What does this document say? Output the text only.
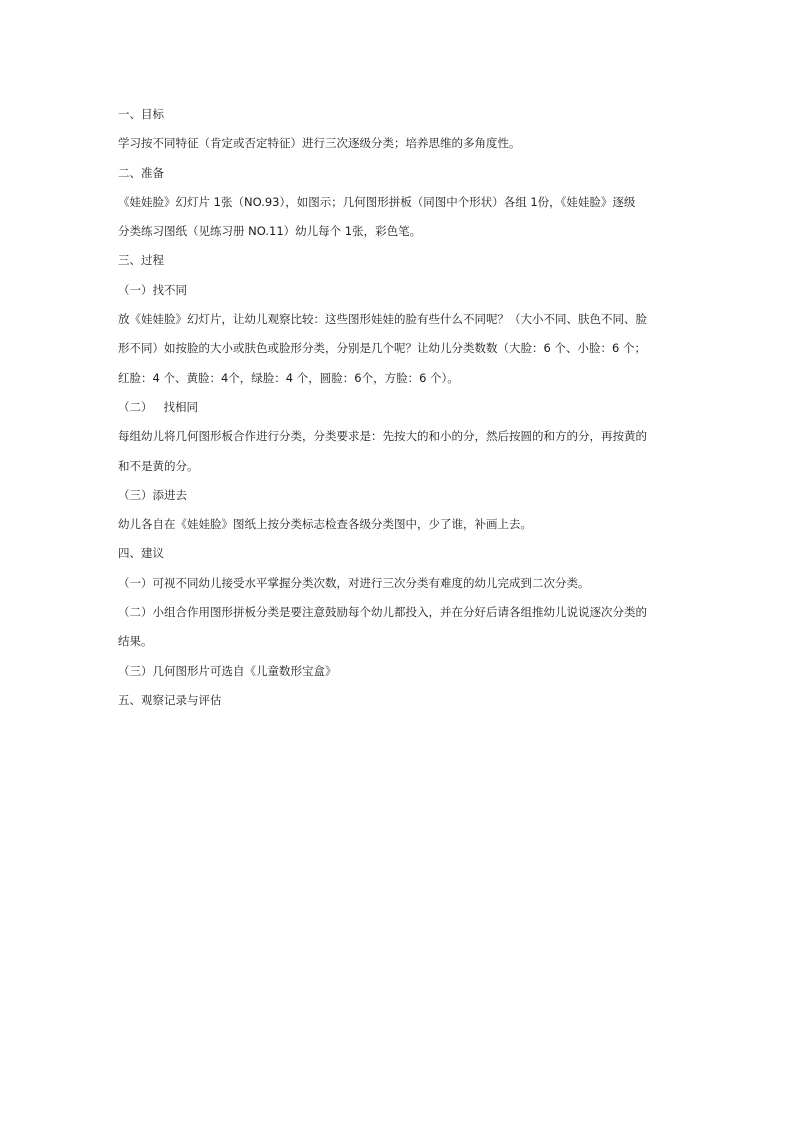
一、目标
学习按不同特征（肯定或否定特征）进行三次逐级分类；培养思维的多角度性。
二、准备
《娃娃脸》幻灯片 1张（NO.93），如图示；几何图形拼板（同图中个形状）各组 1份，《娃娃脸》逐级
分类练习图纸（见练习册 NO.11）幼儿每个 1张，彩色笔。
三、过程
（一）找不同
放《娃娃脸》幻灯片，让幼儿观察比较：这些图形娃娃的脸有些什么不同呢？（大小不同、肤色不同、脸
形不同）如按脸的大小或肤色或脸形分类，分别是几个呢？让幼儿分类数数（大脸：6 个、小脸：6 个；
红脸：4 个、黄脸：4个，绿脸：4 个，圆脸：6个，方脸：6 个）。
（二）   找相同
每组幼儿将几何图形板合作进行分类，分类要求是：先按大的和小的分，然后按圆的和方的分，再按黄的
和不是黄的分。
（三）添进去
幼儿各自在《娃娃脸》图纸上按分类标志检查各级分类图中，少了谁，补画上去。
四、建议
（一）可视不同幼儿接受水平掌握分类次数，对进行三次分类有难度的幼儿完成到二次分类。
（二）小组合作用图形拼板分类是要注意鼓励每个幼儿都投入，并在分好后请各组推幼儿说说逐次分类的
结果。
（三）几何图形片可选自《儿童数形宝盒》
五、观察记录与评估
